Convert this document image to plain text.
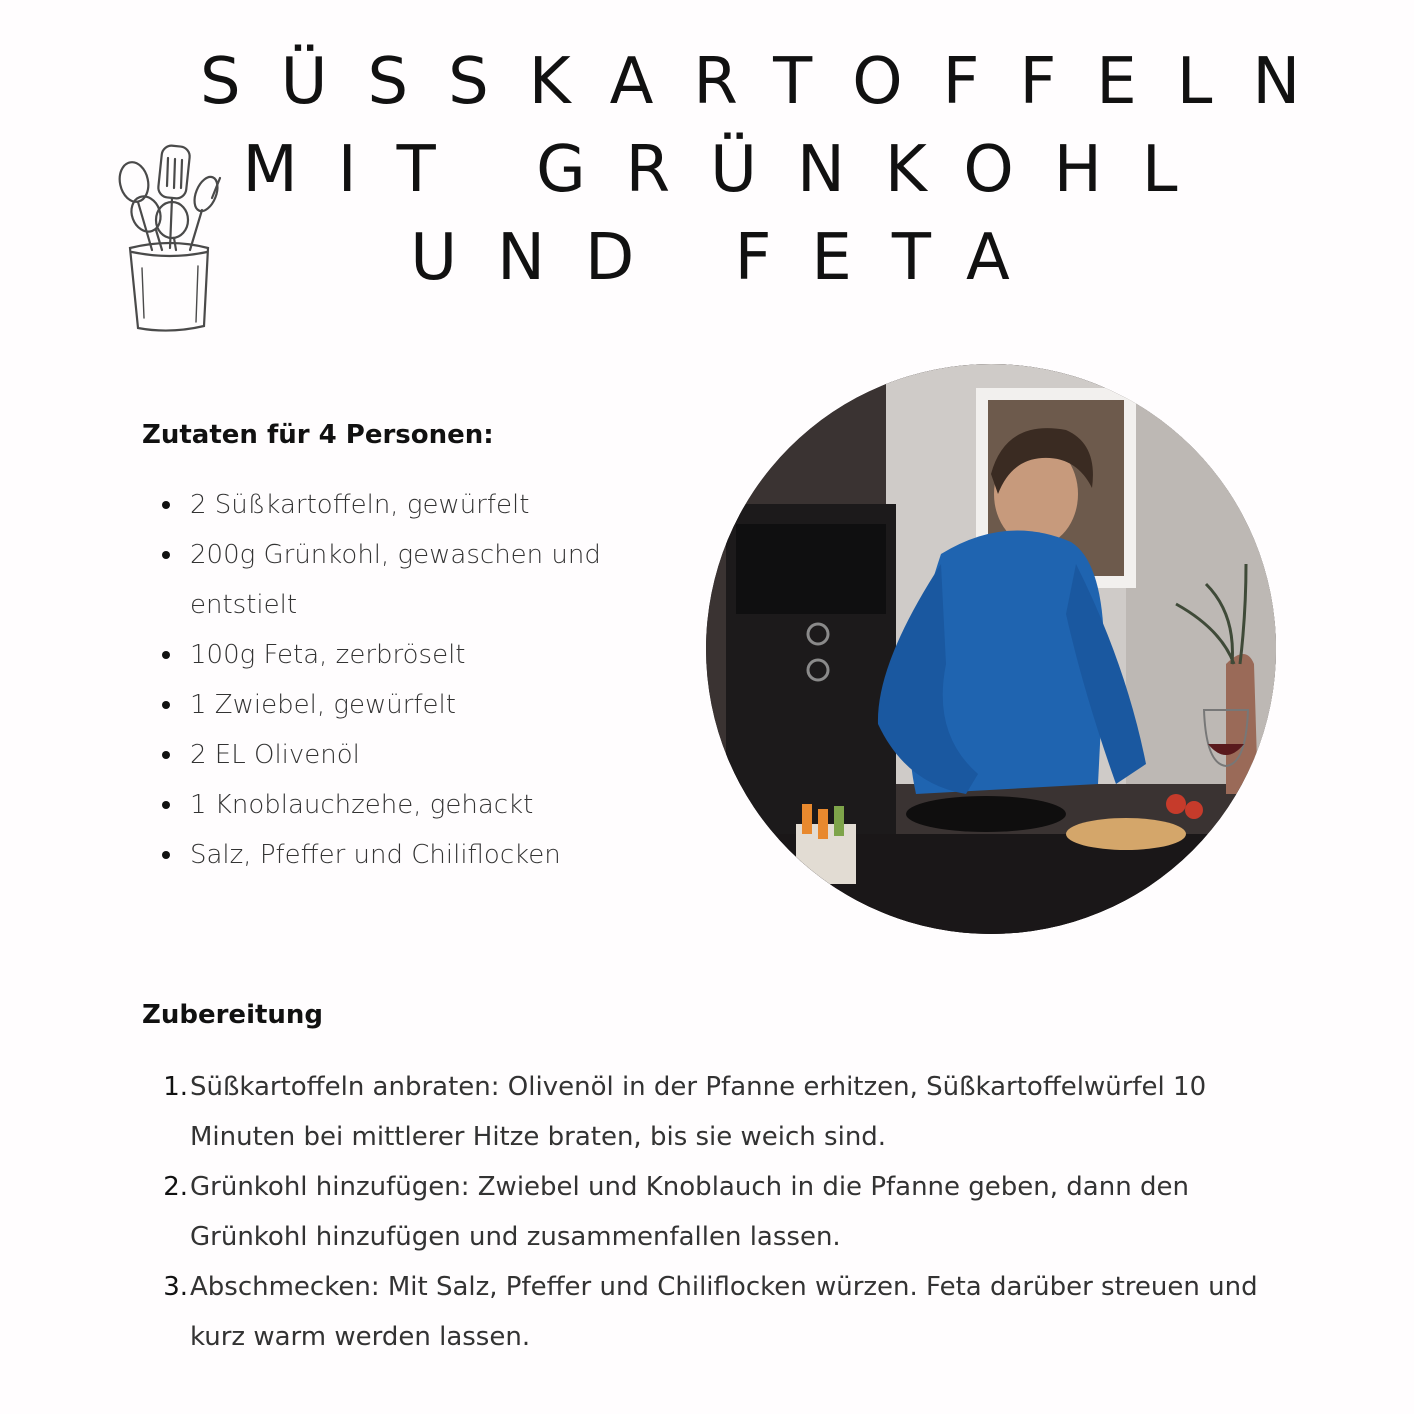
SÜSSKARTOFFELN
MIT GRÜNKOHL
UND FETA
Zutaten für 4 Personen:
2 Süßkartoffeln, gewürfelt
200g Grünkohl, gewaschen und entstielt
100g Feta, zerbröselt
1 Zwiebel, gewürfelt
2 EL Olivenöl
1 Knoblauchzehe, gehackt
Salz, Pfeffer und Chiliflocken
Zubereitung
1. Süßkartoffeln anbraten: Olivenöl in der Pfanne erhitzen, Süßkartoffelwürfel 10 Minuten bei mittlerer Hitze braten, bis sie weich sind.
2. Grünkohl hinzufügen: Zwiebel und Knoblauch in die Pfanne geben, dann den Grünkohl hinzufügen und zusammenfallen lassen.
3. Abschmecken: Mit Salz, Pfeffer und Chiliflocken würzen. Feta darüber streuen und kurz warm werden lassen.
